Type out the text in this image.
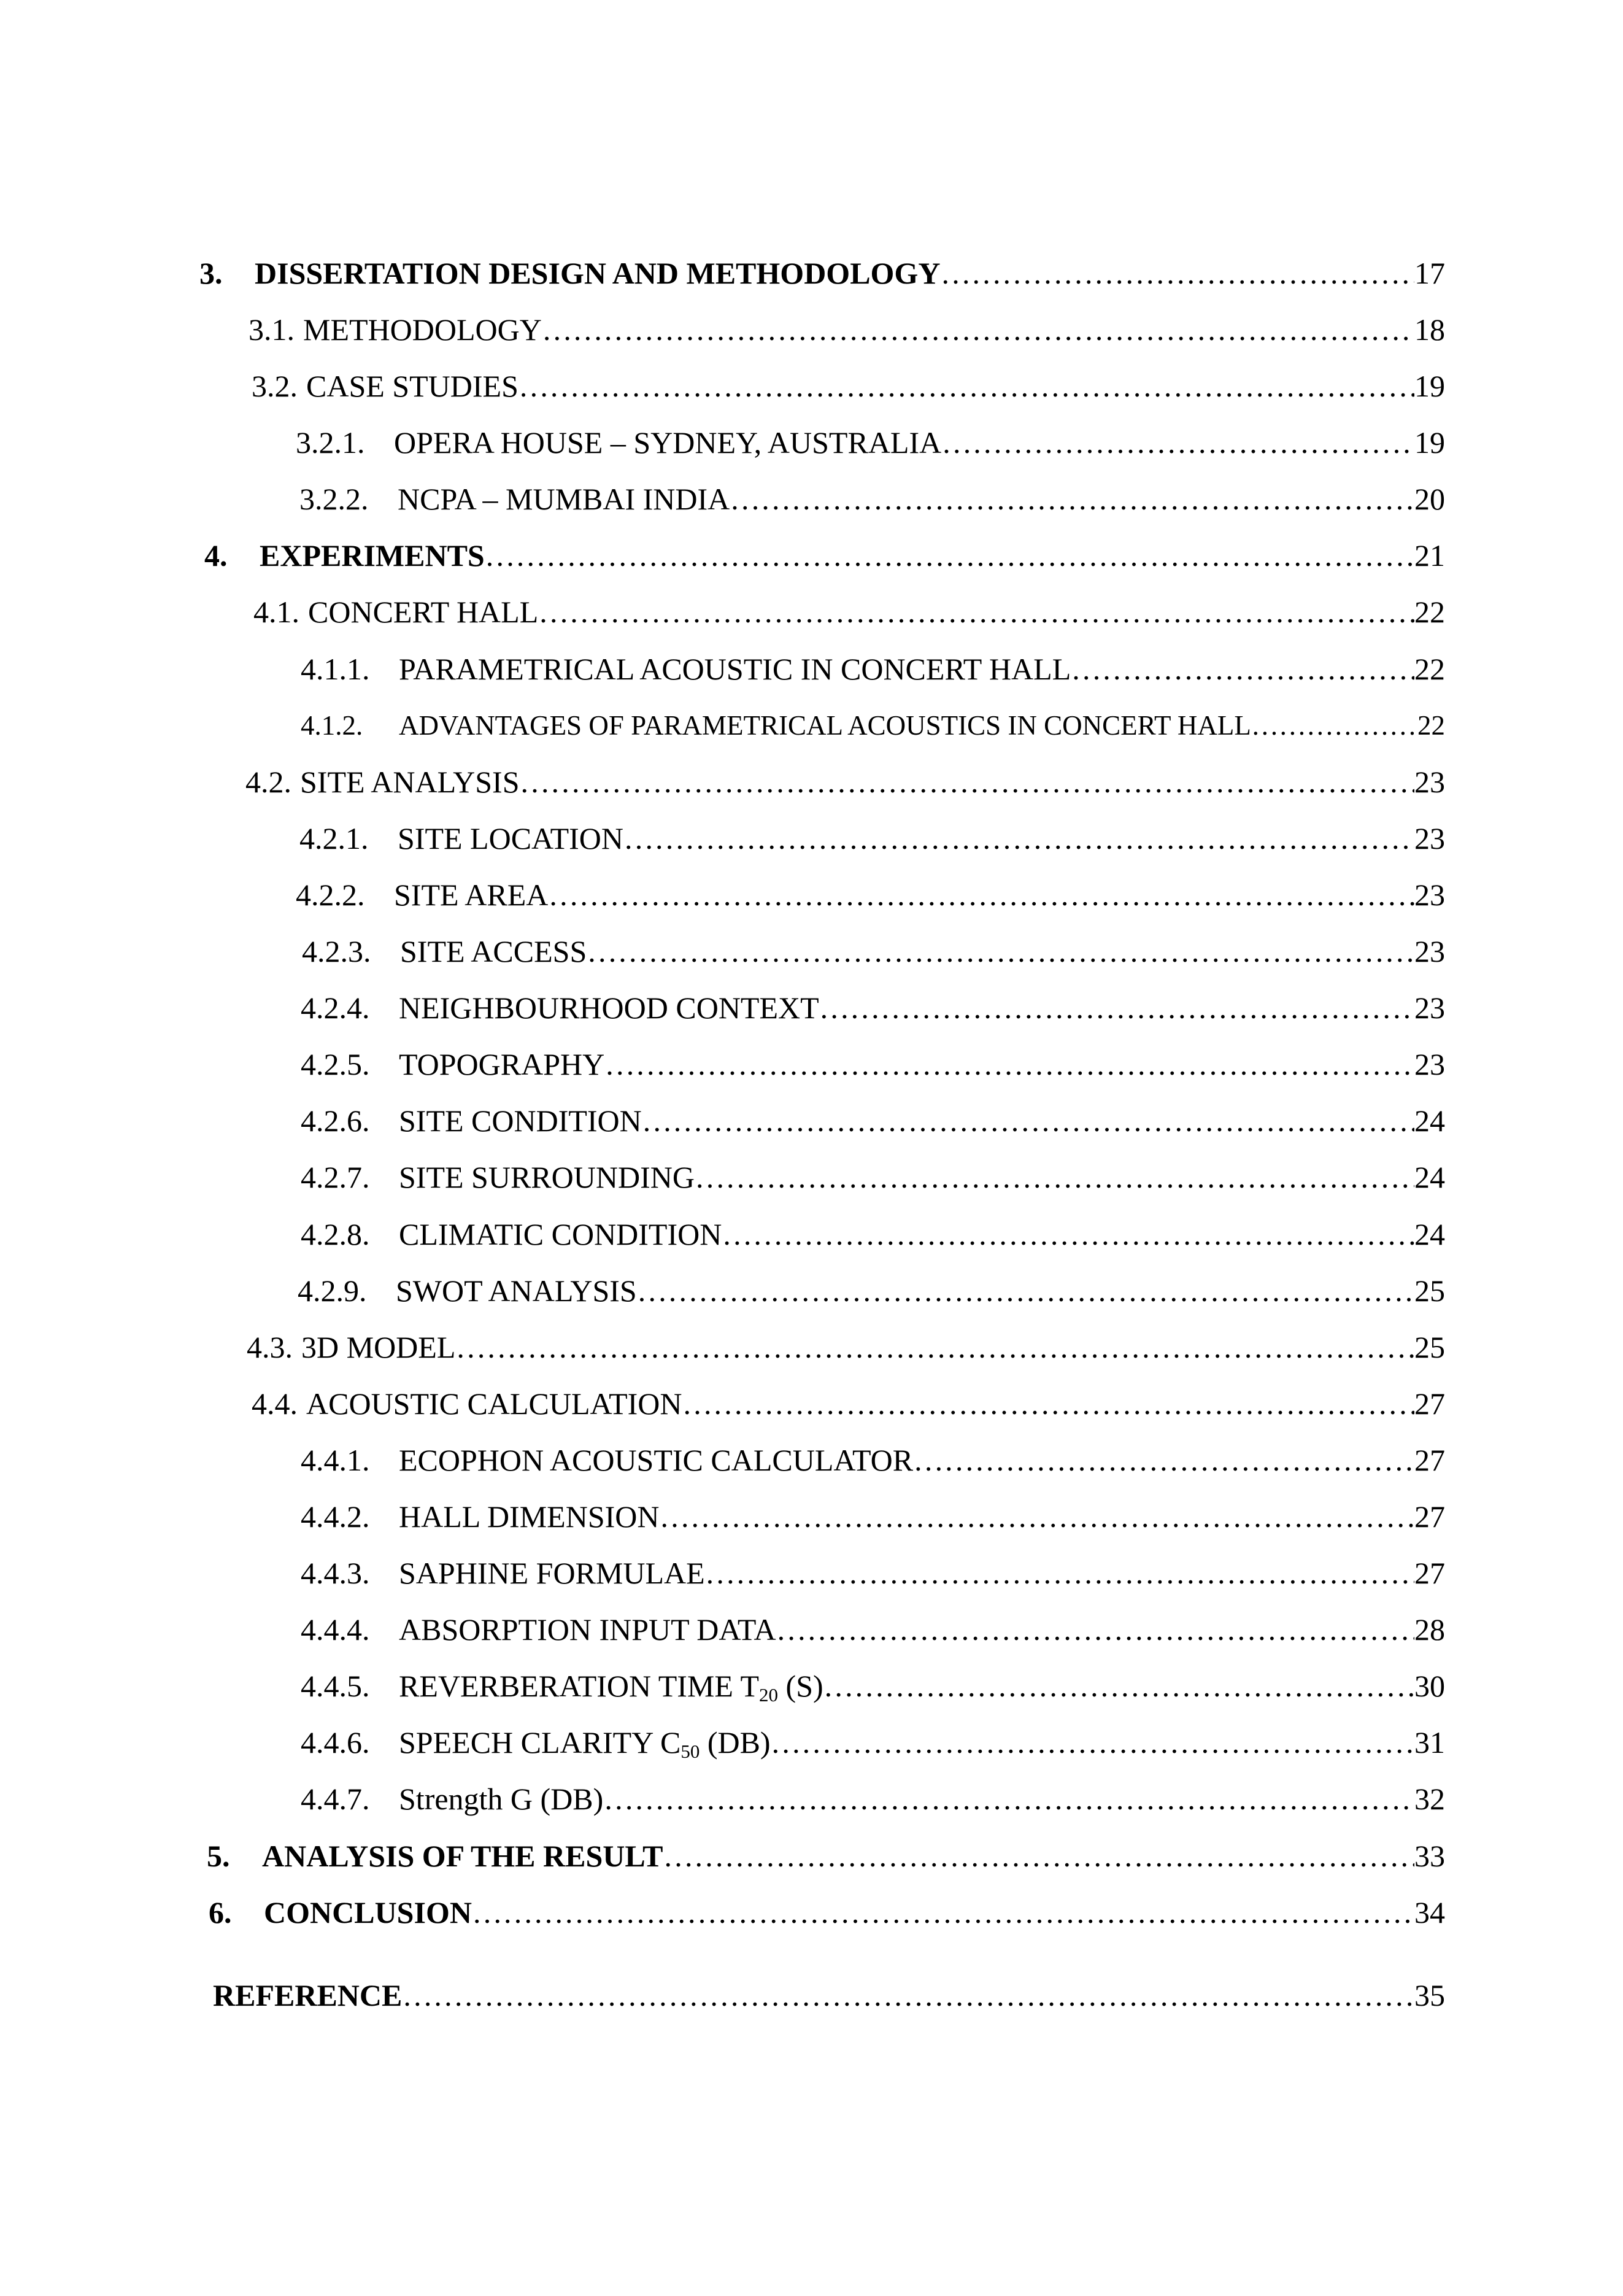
3.	DISSERTATION DESIGN AND METHODOLOGY ………………………………………………………………………………………………………………………………………………………………………………	17
3.1. METHODOLOGY ………………………………………………………………………………………………………………………………………………………………………………	18
3.2. CASE STUDIES ………………………………………………………………………………………………………………………………………………………………………………	19
3.2.1. OPERA HOUSE – SYDNEY, AUSTRALIA ………………………………………………………………………………………………………………………………………………………………………………	19
3.2.2. NCPA – MUMBAI INDIA ………………………………………………………………………………………………………………………………………………………………………………	20
4.	EXPERIMENTS ………………………………………………………………………………………………………………………………………………………………………………	21
4.1. CONCERT HALL ………………………………………………………………………………………………………………………………………………………………………………	22
4.1.1. PARAMETRICAL ACOUSTIC IN CONCERT HALL ………………………………………………………………………………………………………………………………………………………………………………	22
4.1.2.	ADVANTAGES OF PARAMETRICAL ACOUSTICS IN CONCERT HALL ………………………………………………………………………………………………………………………………………………………………………………	22
4.2. SITE ANALYSIS ………………………………………………………………………………………………………………………………………………………………………………	23
4.2.1. SITE LOCATION ………………………………………………………………………………………………………………………………………………………………………………	23
4.2.2. SITE AREA ………………………………………………………………………………………………………………………………………………………………………………	23
4.2.3. SITE ACCESS ………………………………………………………………………………………………………………………………………………………………………………	23
4.2.4. NEIGHBOURHOOD CONTEXT ………………………………………………………………………………………………………………………………………………………………………………	23
4.2.5. TOPOGRAPHY ………………………………………………………………………………………………………………………………………………………………………………	23
4.2.6. SITE CONDITION ………………………………………………………………………………………………………………………………………………………………………………	24
4.2.7. SITE SURROUNDING ………………………………………………………………………………………………………………………………………………………………………………	24
4.2.8. CLIMATIC CONDITION ………………………………………………………………………………………………………………………………………………………………………………	24
4.2.9. SWOT ANALYSIS ………………………………………………………………………………………………………………………………………………………………………………	25
4.3. 3D MODEL ………………………………………………………………………………………………………………………………………………………………………………	25
4.4. ACOUSTIC CALCULATION ………………………………………………………………………………………………………………………………………………………………………………	27
4.4.1. ECOPHON ACOUSTIC CALCULATOR ………………………………………………………………………………………………………………………………………………………………………………	27
4.4.2. HALL DIMENSION ………………………………………………………………………………………………………………………………………………………………………………	27
4.4.3. SAPHINE FORMULAE ………………………………………………………………………………………………………………………………………………………………………………	27
4.4.4. ABSORPTION INPUT DATA ………………………………………………………………………………………………………………………………………………………………………………	28
4.4.5. REVERBERATION TIME T20 (S) ………………………………………………………………………………………………………………………………………………………………………………	30
4.4.6. SPEECH CLARITY C50 (DB) ………………………………………………………………………………………………………………………………………………………………………………	31
4.4.7. Strength G (DB) ………………………………………………………………………………………………………………………………………………………………………………	32
5.	ANALYSIS OF THE RESULT ………………………………………………………………………………………………………………………………………………………………………………	33
6.	CONCLUSION ………………………………………………………………………………………………………………………………………………………………………………	34
REFERENCE ………………………………………………………………………………………………………………………………………………………………………………	35
